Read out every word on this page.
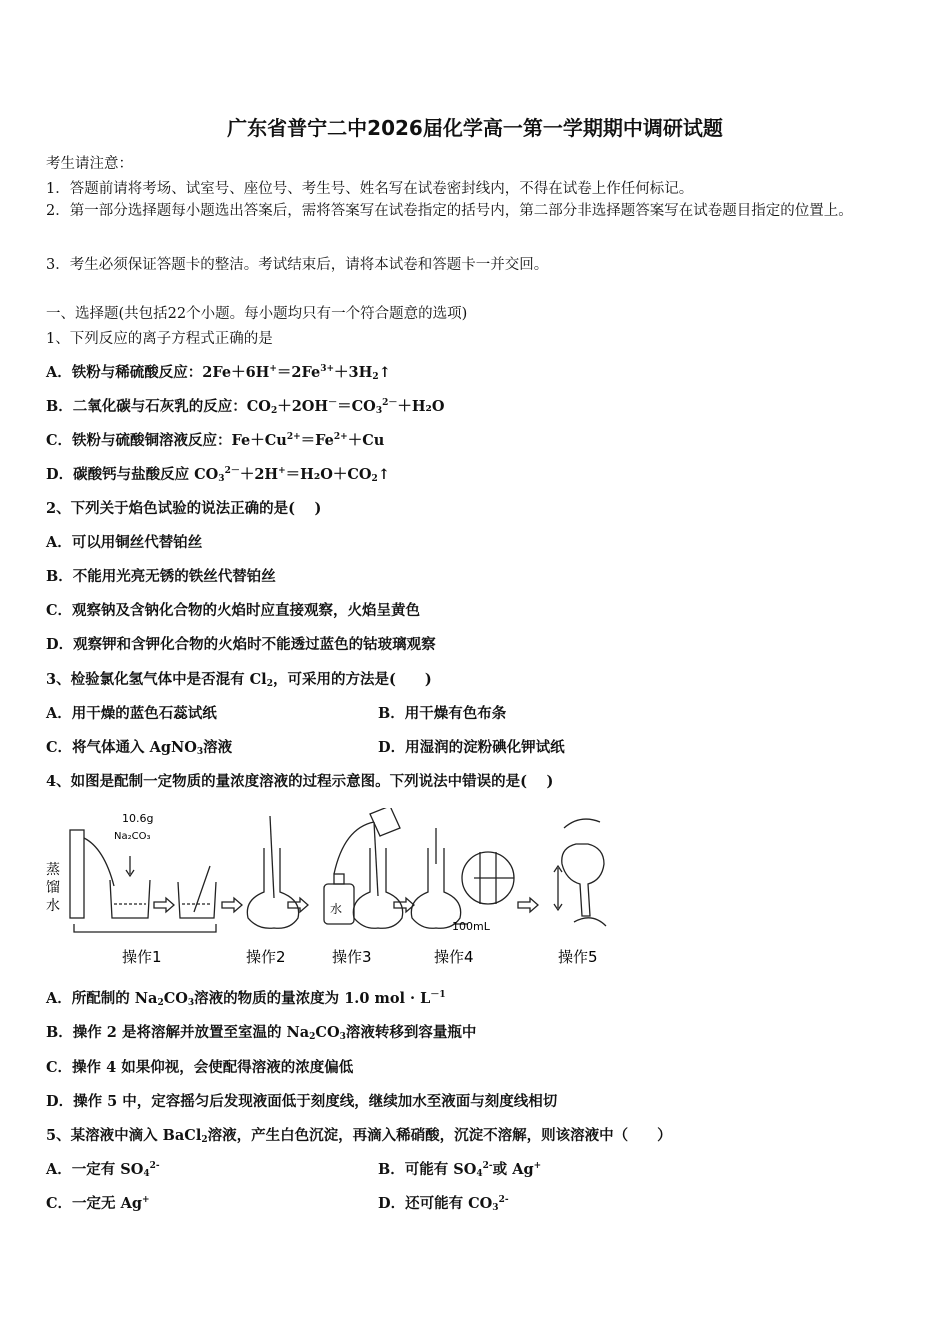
广东省普宁二中2026届化学高一第一学期期中调研试题
考生请注意：
1．答题前请将考场、试室号、座位号、考生号、姓名写在试卷密封线内，不得在试卷上作任何标记。
2．第一部分选择题每小题选出答案后，需将答案写在试卷指定的括号内，第二部分非选择题答案写在试卷题目指定的位置上。
3．考生必须保证答题卡的整洁。考试结束后，请将本试卷和答题卡一并交回。
一、选择题(共包括22个小题。每小题均只有一个符合题意的选项)
1、下列反应的离子方程式正确的是
A．铁粉与稀硫酸反应：$2Fe+6H^+=2Fe^{3+}+3H_2↑$
B．二氧化碳与石灰乳的反应：$CO_2+2OH^-=CO_3^{2-}+H_2O$
C．铁粉与硫酸铜溶液反应：$Fe+Cu^{2+}=Fe^{2+}+Cu$
D．碳酸钙与盐酸反应 $CO_3^{2-}+2H^+=H_2O+CO_2↑$
2、下列关于焰色试验的说法正确的是(　 )
A．可以用铜丝代替铂丝
B．不能用光亮无锈的铁丝代替铂丝
C．观察钠及含钠化合物的火焰时应直接观察，火焰呈黄色
D．观察钾和含钾化合物的火焰时不能透过蓝色的钴玻璃观察
3、检验氯化氢气体中是否混有 $Cl_2$，可采用的方法是(　　)
A．用干燥的蓝色石蕊试纸	B．用干燥有色布条
C．将气体通入 AgNO$_3$溶液	D．用湿润的淀粉碘化钾试纸
4、如图是配制一定物质的量浓度溶液的过程示意图。下列说法中错误的是(　 )
10.6g
Na₂CO₃
蒸
馏
水	水
100mL
操作1	操作2	操作3	操作4	操作5
A．所配制的 $Na_2CO_3$溶液的物质的量浓度为 1.0 mol · $L^{-1}$
B．操作 2 是将溶解并放置至室温的 $Na_2CO_3$溶液转移到容量瓶中
C．操作 4 如果仰视，会使配得溶液的浓度偏低
D．操作 5 中，定容摇匀后发现液面低于刻度线，继续加水至液面与刻度线相切
5、某溶液中滴入 BaCl$_2$溶液，产生白色沉淀，再滴入稀硝酸，沉淀不溶解，则该溶液中（　　）
A．一定有 $SO_4^{2-}$	B．可能有 $SO_4^{2-}$或 Ag+
C．一定无 Ag+	D．还可能有 $CO_3^{2-}$
